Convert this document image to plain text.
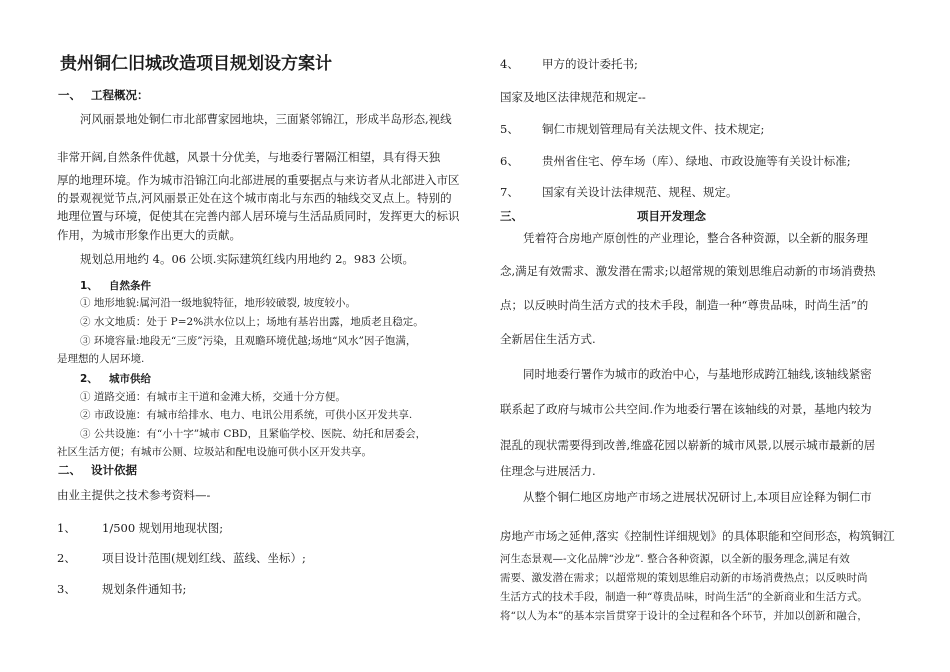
贵州铜仁旧城改造项目规划设方案计
一、 工程概况：
河风丽景地处铜仁市北部曹家园地块，三面紧邻锦江，形成半岛形态,视线
非常开阔,自然条件优越，风景十分优美，与地委行署隔江相望，具有得天独
厚的地理环境。作为城市沿锦江向北部进展的重要据点与来访者从北部进入市区
的景观视觉节点,河风丽景正处在这个城市南北与东西的轴线交叉点上。特别的
地理位置与环境，促使其在完善内部人居环境与生活品质同时，发挥更大的标识
作用，为城市形象作出更大的贡献。
规划总用地约 4。06 公顷.实际建筑红线内用地约 2。983 公顷。
1、 自然条件
① 地形地貌:属河沿一级地貌特征，地形较破裂, 坡度较小。
② 水文地质：处于 P=2%洪水位以上；场地有基岩出露，地质老且稳定。
③ 环境容量:地段无“三废”污染，且观瞻环境优越;场地“风水”因子饱满，
是理想的人居环境.
2、 城市供给
① 道路交通：有城市主干道和金滩大桥，交通十分方便。
② 市政设施：有城市给排水、电力、电讯公用系统，可供小区开发共享.
③ 公共设施：有“小十字”城市 CBD，且紧临学校、医院、幼托和居委会，
社区生活方便；有城市公厕、垃圾站和配电设施可供小区开发共享。
二、 设计依据
由业主提供之技术参考资料—-
1、 1/500 规划用地现状图;
2、 项目设计范围(规划红线、蓝线、坐标）;
3、 规划条件通知书;
4、 甲方的设计委托书;
国家及地区法律规范和规定--
5、 铜仁市规划管理局有关法规文件、技术规定;
6、 贵州省住宅、停车场（库）、绿地、市政设施等有关设计标准;
7、 国家有关设计法律规范、规程、规定。
三、	项目开发理念
凭着符合房地产原创性的产业理论，整合各种资源，以全新的服务理
念,满足有效需求、激发潜在需求;以超常规的策划思维启动新的市场消费热
点；以反映时尚生活方式的技术手段，制造一种“尊贵品味，时尚生活”的
全新居住生活方式.
同时地委行署作为城市的政治中心，与基地形成跨江轴线,该轴线紧密
联系起了政府与城市公共空间.作为地委行署在该轴线的对景，基地内较为
混乱的现状需要得到改善,维盛花园以崭新的城市风景,以展示城市最新的居
住理念与进展活力.
从整个铜仁地区房地产市场之进展状况研讨上,本项目应诠释为铜仁市
房地产市场之延伸,落实《控制性详细规划》的具体职能和空间形态，构筑铜江
河生态景观—-文化品牌“沙龙”. 整合各种资源，以全新的服务理念,满足有效
需要、激发潜在需求；以超常规的策划思维启动新的市场消费热点；以反映时尚
生活方式的技术手段，制造一种“尊贵品味，时尚生活”的全新商业和生活方式。
将“以人为本”的基本宗旨贯穿于设计的全过程和各个环节，并加以创新和融合，
